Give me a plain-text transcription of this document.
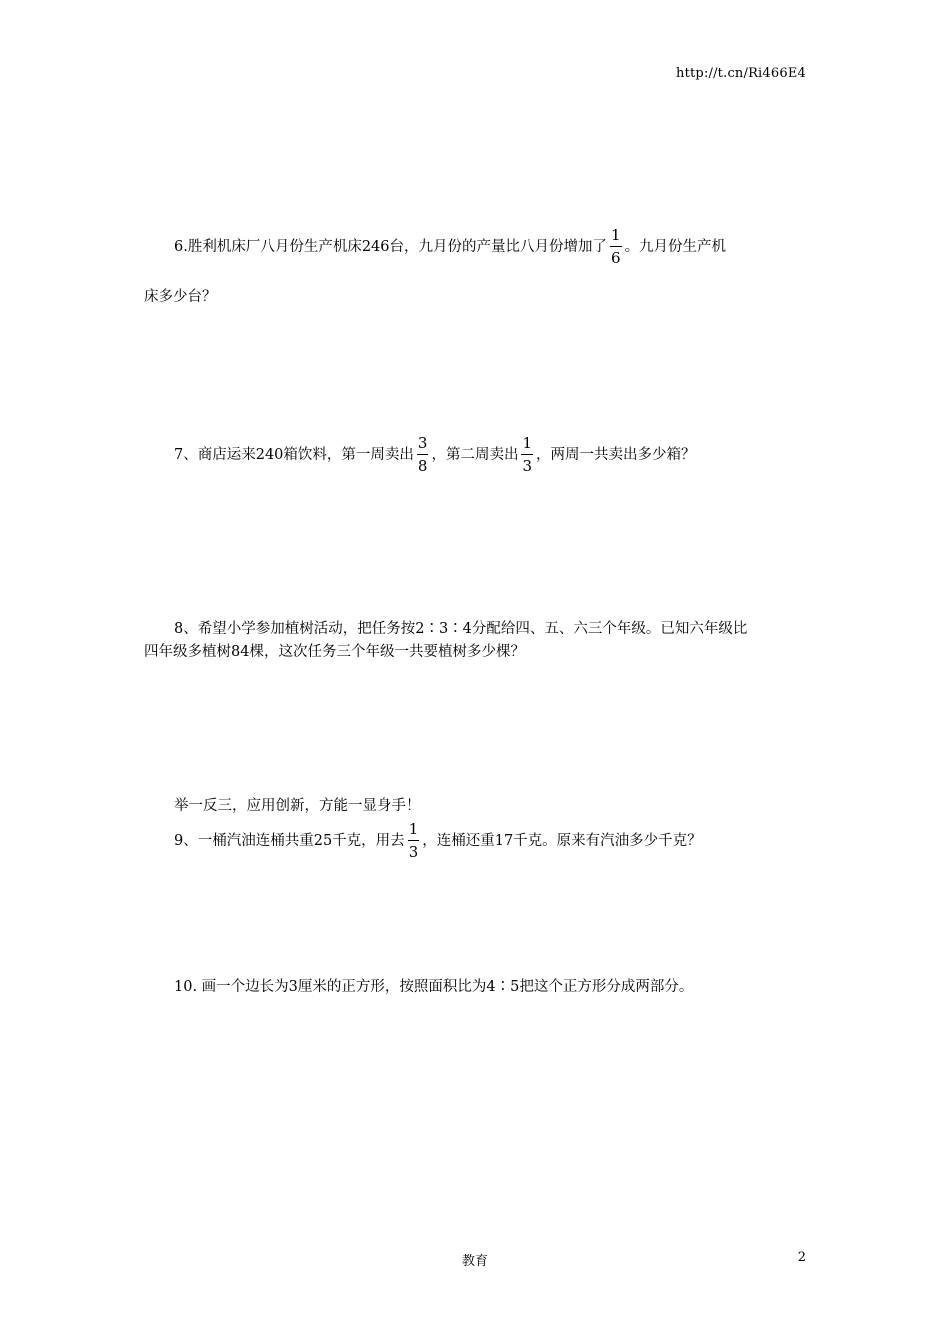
http://t.cn/Ri466E4
6.胜利机床厂八月份生产机床246台，九月份的产量比八月份增加了 $\frac{1}{6}$ 。九月份生产机
床多少台？
7、商店运来240箱饮料，第一周卖出 $\frac{3}{8}$ ，第二周卖出 $\frac{1}{3}$ ，两周一共卖出多少箱？
8、希望小学参加植树活动，把任务按2∶3∶4分配给四、五、六三个年级。已知六年级比
四年级多植树84棵，这次任务三个年级一共要植树多少棵？
举一反三，应用创新，方能一显身手！
9、一桶汽油连桶共重25千克，用去 $\frac{1}{3}$ ，连桶还重17千克。原来有汽油多少千克？
10. 画一个边长为3厘米的正方形，按照面积比为4∶5把这个正方形分成两部分。
教育	2
